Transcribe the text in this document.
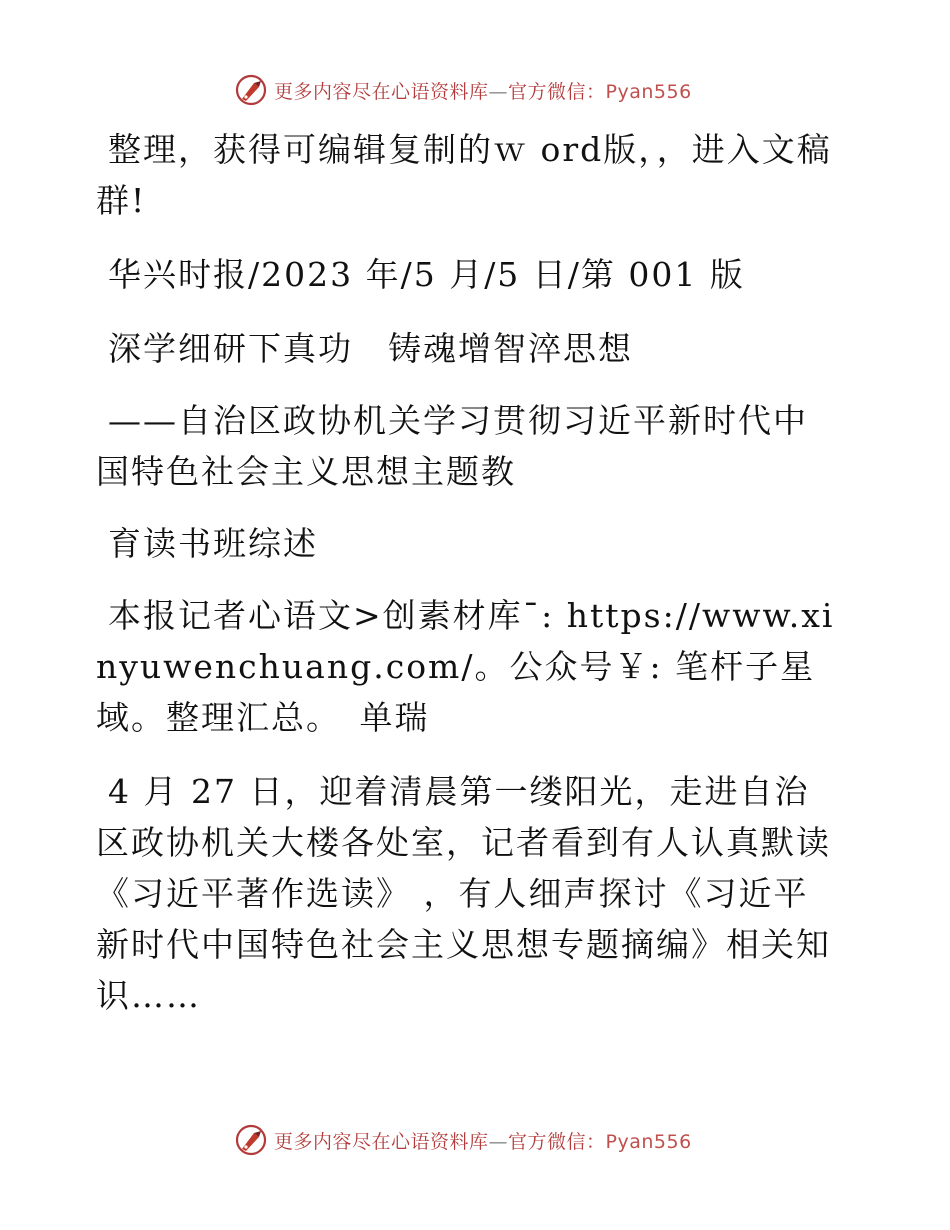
更多内容尽在心语资料库—官方微信：Pyan556

整理，获得可编辑复制的ｗ ord版，，进入文稿群!

华兴时报/2023 年/5 月/5 日/第 001 版

深学细研下真功　铸魂增智淬思想

——自治区政协机关学习贯彻习近平新时代中国特色社会主义思想主题教

育读书班综述

本报记者心语文>创素材库¯: https://www.xinyuwenchuang.com/。公众号￥: 笔杆子星域。整理汇总。　单瑞

4 月 27 日，迎着清晨第一缕阳光，走进自治区政协机关大楼各处室，记者看到有人认真默读《习近平著作选读》 ，有人细声探讨《习近平新时代中国特色社会主义思想专题摘编》相关知识……

更多内容尽在心语资料库—官方微信：Pyan556
